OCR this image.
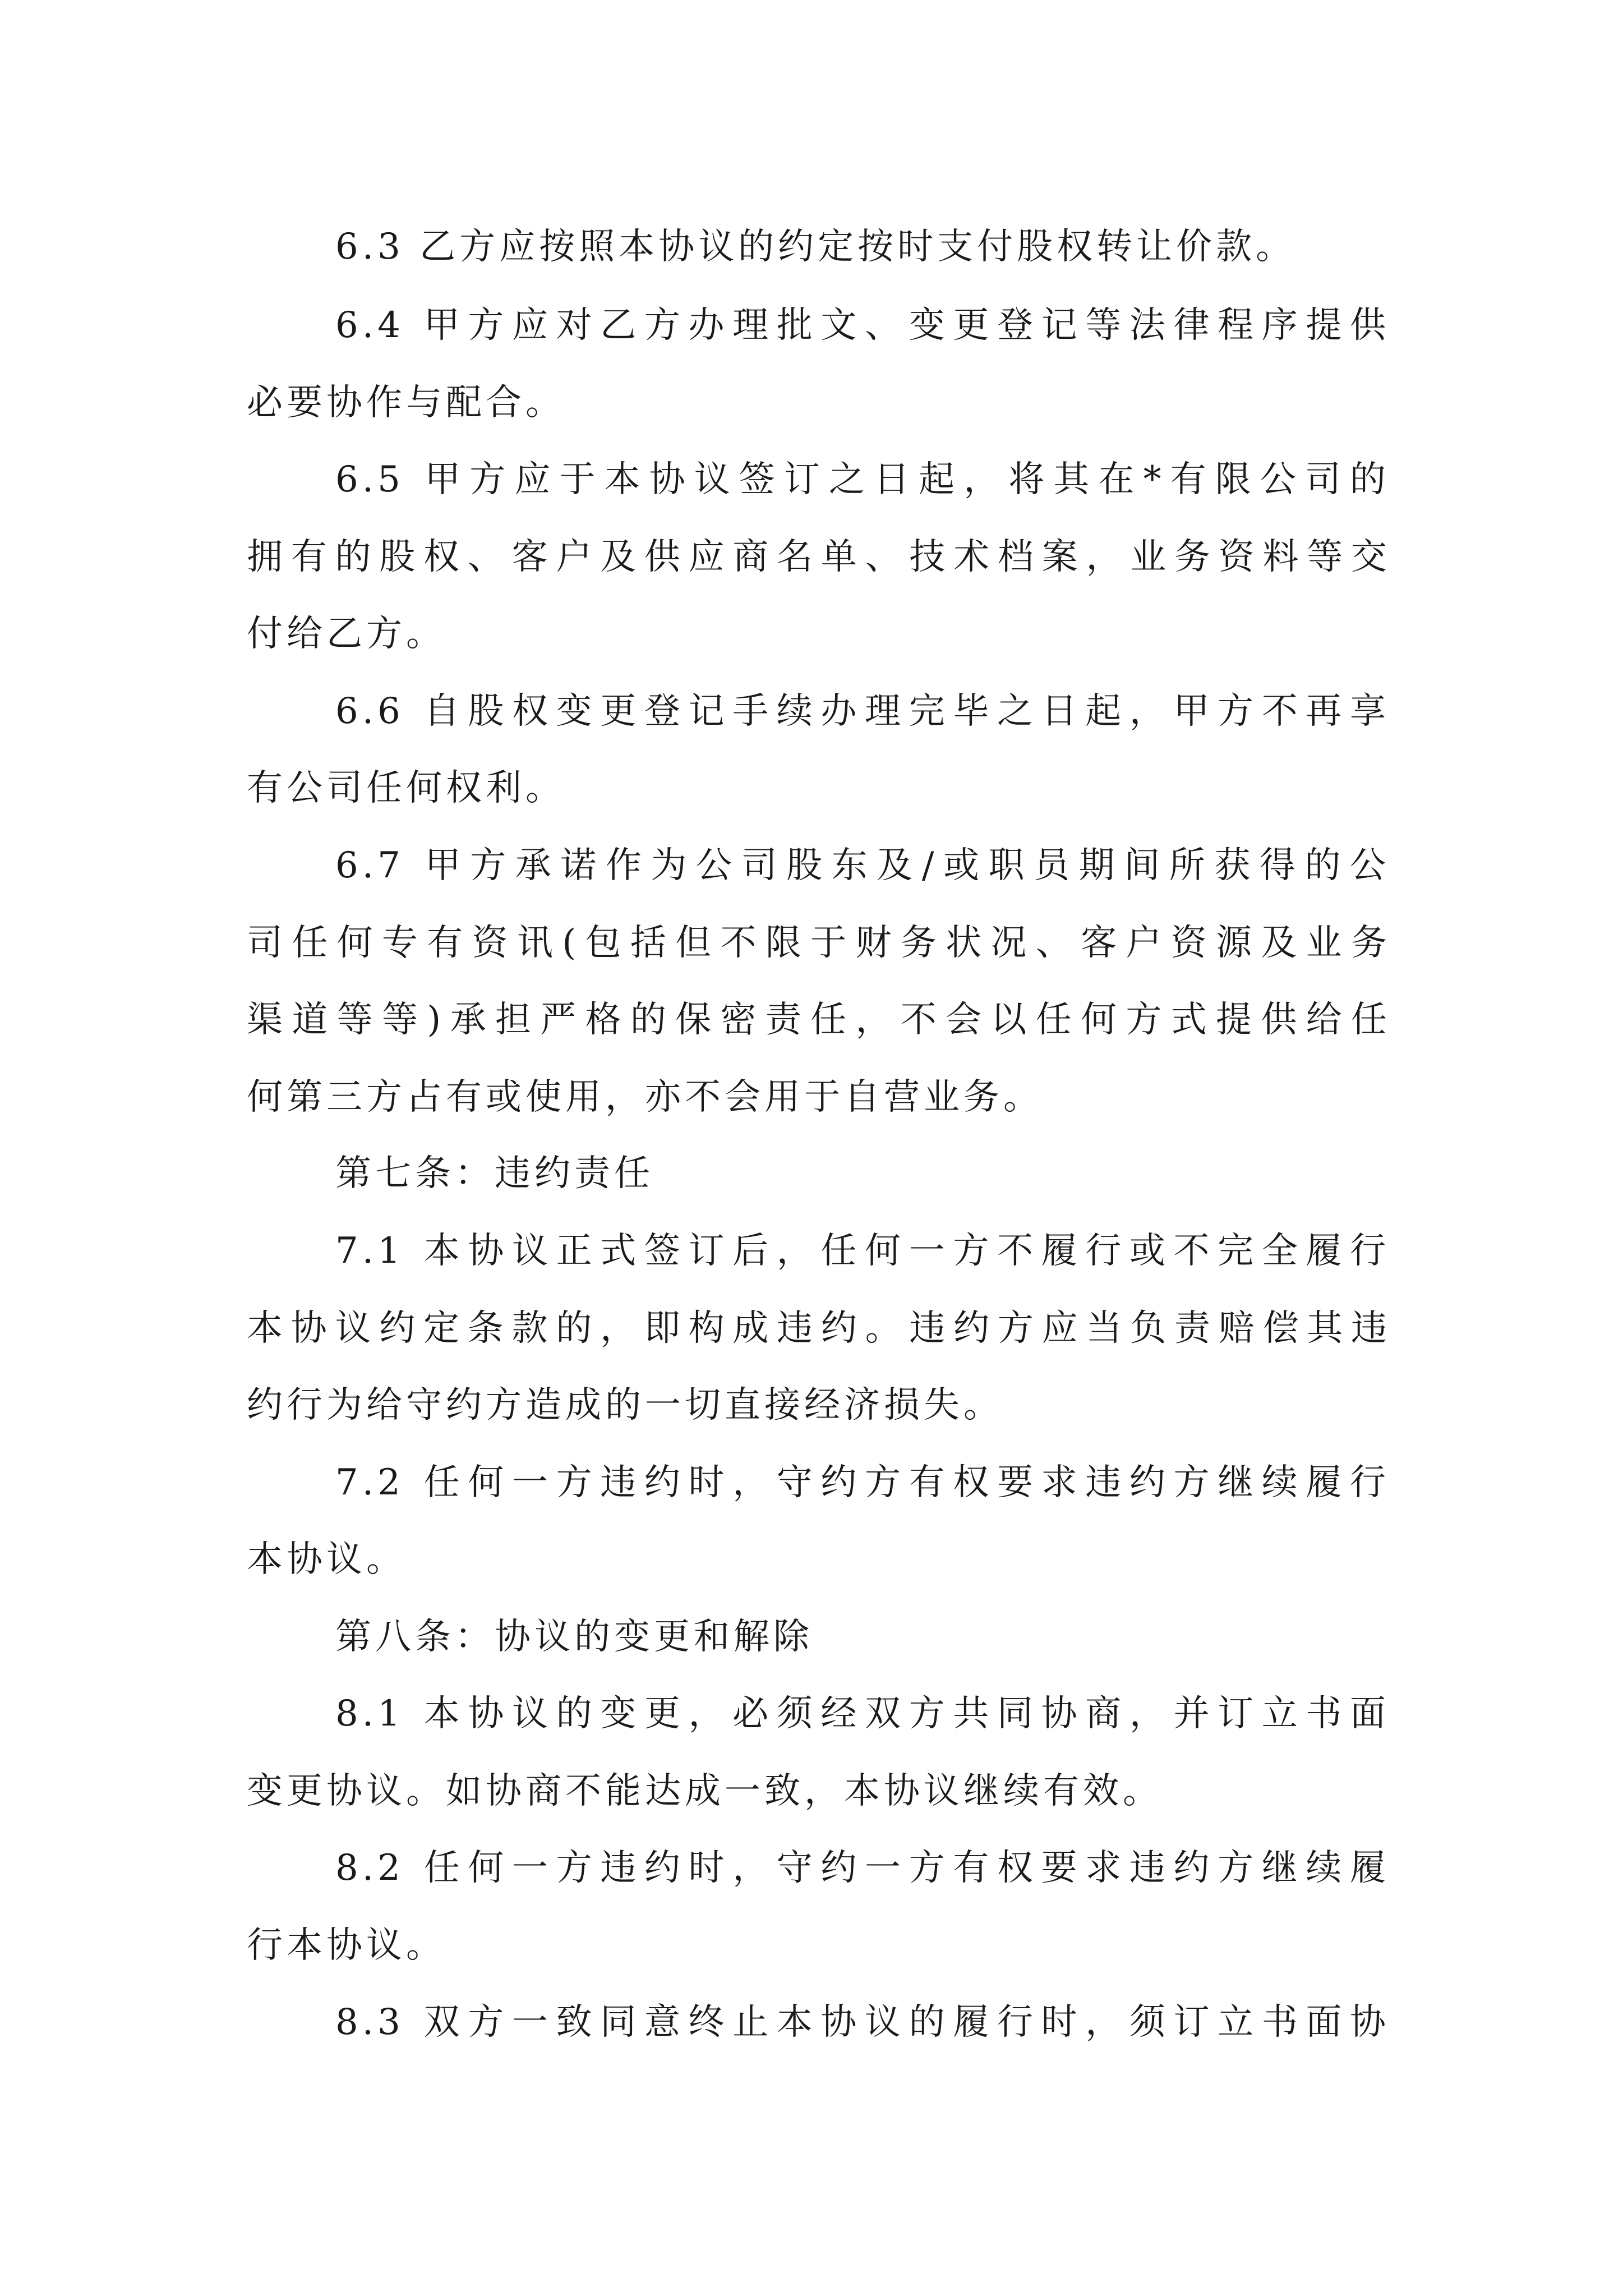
6.3 乙方应按照本协议的约定按时支付股权转让价款。
6.4 甲方应对乙方办理批文、变更登记等法律程序提供
必要协作与配合。
6.5 甲方应于本协议签订之日起，将其在*有限公司的
拥有的股权、客户及供应商名单、技术档案，业务资料等交
付给乙方。
6.6 自股权变更登记手续办理完毕之日起，甲方不再享
有公司任何权利。
6.7 甲方承诺作为公司股东及/或职员期间所获得的公
司任何专有资讯(包括但不限于财务状况、客户资源及业务
渠道等等)承担严格的保密责任，不会以任何方式提供给任
何第三方占有或使用，亦不会用于自营业务。
第七条：违约责任
7.1 本协议正式签订后，任何一方不履行或不完全履行
本协议约定条款的，即构成违约。违约方应当负责赔偿其违
约行为给守约方造成的一切直接经济损失。
7.2 任何一方违约时，守约方有权要求违约方继续履行
本协议。
第八条：协议的变更和解除
8.1 本协议的变更，必须经双方共同协商，并订立书面
变更协议。如协商不能达成一致，本协议继续有效。
8.2 任何一方违约时，守约一方有权要求违约方继续履
行本协议。
8.3 双方一致同意终止本协议的履行时，须订立书面协
